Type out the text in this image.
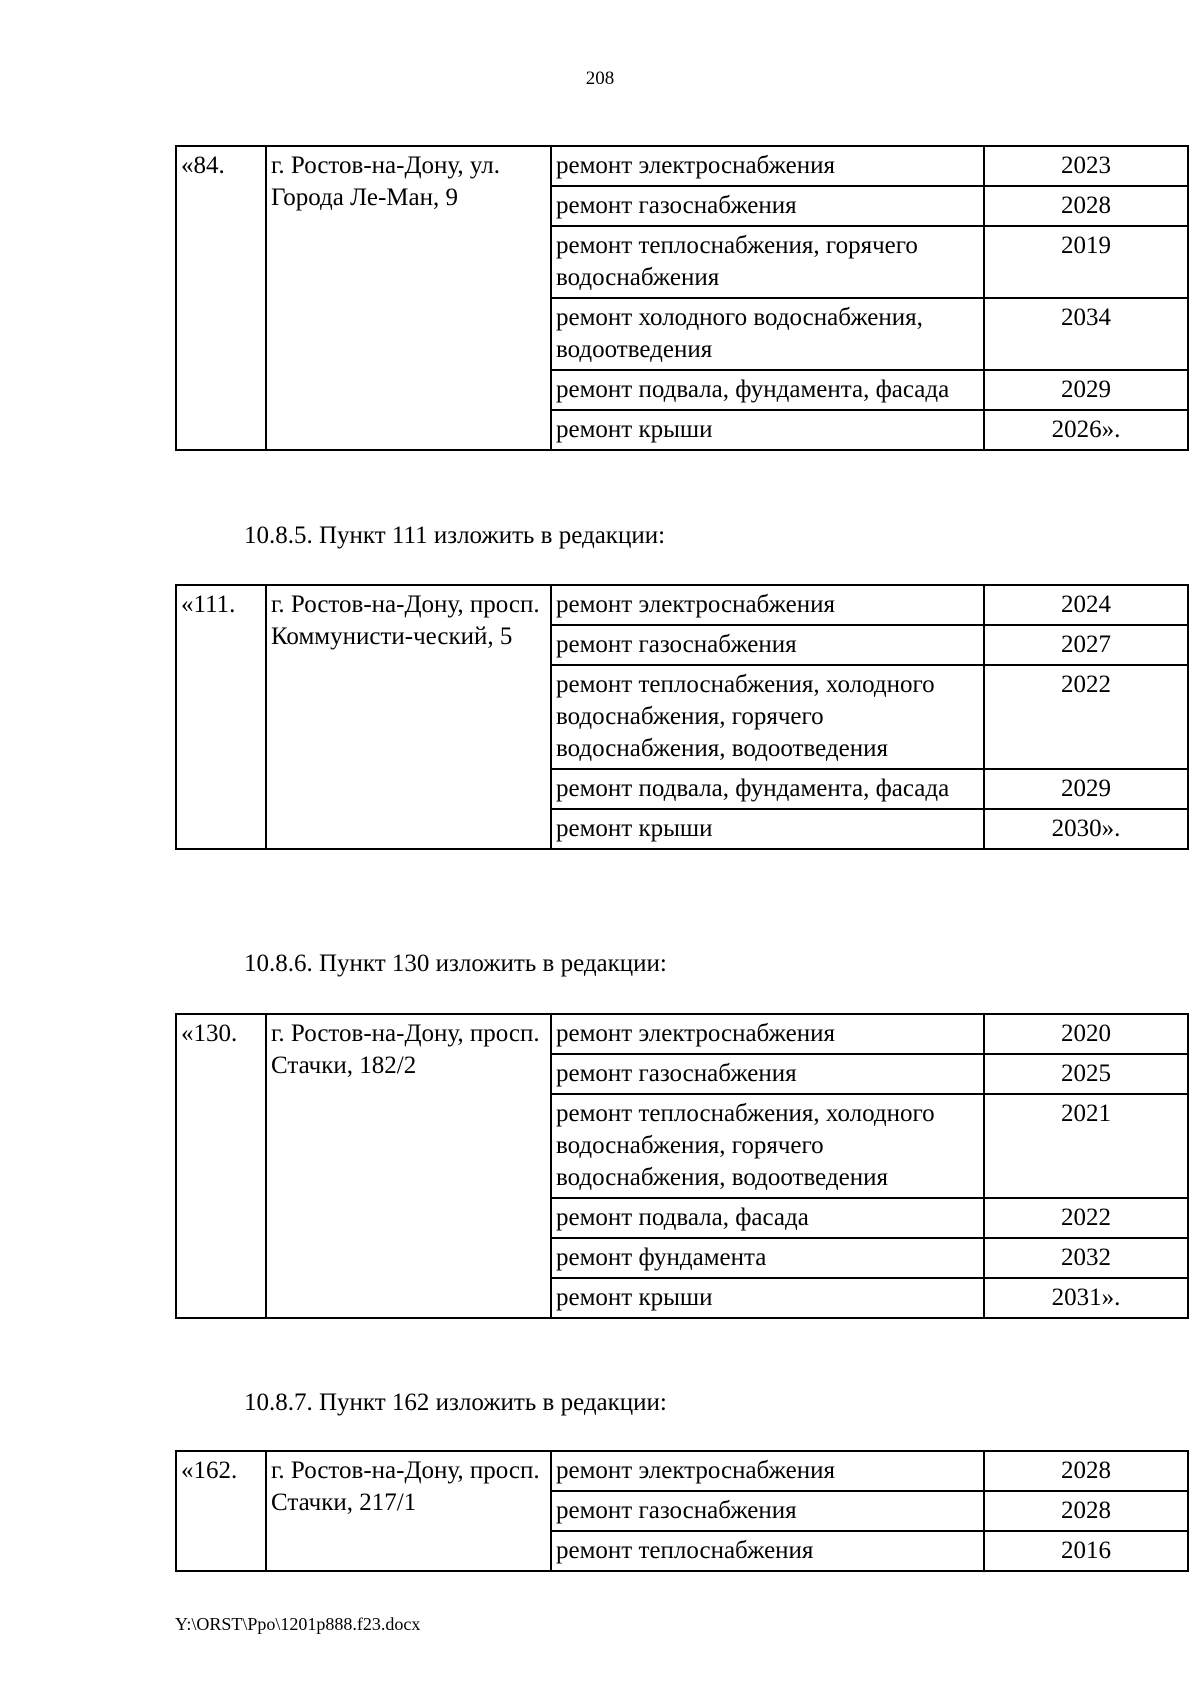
208
«84.	г. Ростов-на-Дону, ул. Города Ле-Ман, 9	ремонт электроснабжения	2023
		ремонт газоснабжения	2028
		ремонт теплоснабжения, горячего водоснабжения	2019
		ремонт холодного водоснабжения, водоотведения	2034
		ремонт подвала, фундамента, фасада	2029
		ремонт крыши	2026».
10.8.5. Пункт 111 изложить в редакции:
«111.	г. Ростов-на-Дону, просп. Коммунисти-ческий, 5	ремонт электроснабжения	2024
		ремонт газоснабжения	2027
		ремонт теплоснабжения, холодного водоснабжения, горячего водоснабжения, водоотведения	2022
		ремонт подвала, фундамента, фасада	2029
		ремонт крыши	2030».
10.8.6. Пункт 130 изложить в редакции:
«130.	г. Ростов-на-Дону, просп. Стачки, 182/2	ремонт электроснабжения	2020
		ремонт газоснабжения	2025
		ремонт теплоснабжения, холодного водоснабжения, горячего водоснабжения, водоотведения	2021
		ремонт подвала, фасада	2022
		ремонт фундамента	2032
		ремонт крыши	2031».
10.8.7. Пункт 162 изложить в редакции:
«162.	г. Ростов-на-Дону, просп. Стачки, 217/1	ремонт электроснабжения	2028
		ремонт газоснабжения	2028
		ремонт теплоснабжения	2016
Y:\ORST\Ppo\1201p888.f23.docx
